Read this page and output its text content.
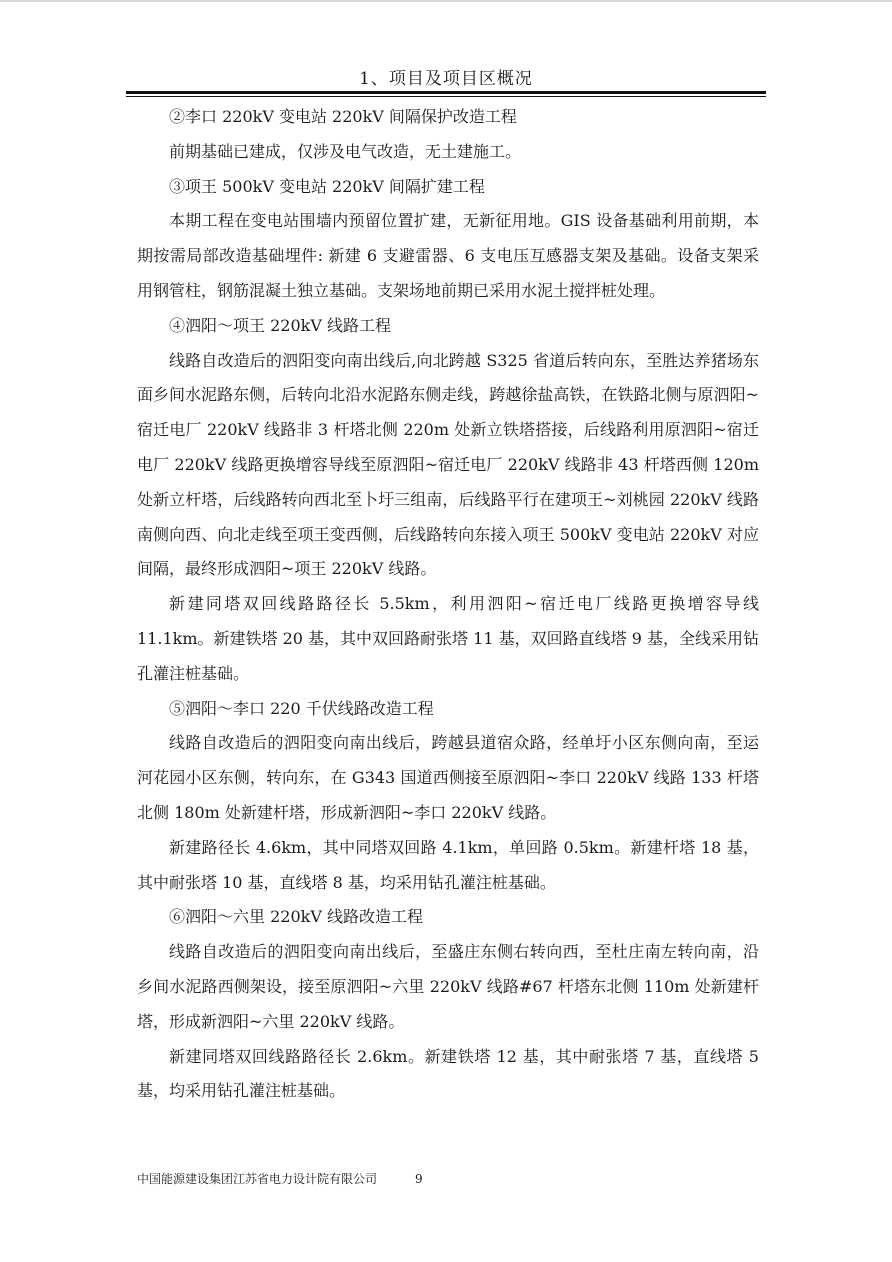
1、项目及项目区概况

②李口 220kV 变电站 220kV 间隔保护改造工程

前期基础已建成，仅涉及电气改造，无土建施工。

③项王 500kV 变电站 220kV 间隔扩建工程

本期工程在变电站围墙内预留位置扩建，无新征用地。GIS 设备基础利用前期，本期按需局部改造基础埋件: 新建 6 支避雷器、6 支电压互感器支架及基础。设备支架采用钢管柱，钢筋混凝土独立基础。支架场地前期已采用水泥土搅拌桩处理。

④泗阳～项王 220kV 线路工程

线路自改造后的泗阳变向南出线后,向北跨越 S325 省道后转向东，至胜达养猪场东面乡间水泥路东侧，后转向北沿水泥路东侧走线，跨越徐盐高铁，在铁路北侧与原泗阳~宿迁电厂 220kV 线路非 3 杆塔北侧 220m 处新立铁塔搭接，后线路利用原泗阳~宿迁电厂 220kV 线路更换增容导线至原泗阳~宿迁电厂 220kV 线路非 43 杆塔西侧 120m 处新立杆塔，后线路转向西北至卜圩三组南，后线路平行在建项王~刘桃园 220kV 线路南侧向西、向北走线至项王变西侧，后线路转向东接入项王 500kV 变电站 220kV 对应间隔，最终形成泗阳~项王 220kV 线路。

新建同塔双回线路路径长 5.5km，利用泗阳~宿迁电厂线路更换增容导线 11.1km。新建铁塔 20 基，其中双回路耐张塔 11 基，双回路直线塔 9 基，全线采用钻孔灌注桩基础。

⑤泗阳～李口 220 千伏线路改造工程

线路自改造后的泗阳变向南出线后，跨越县道宿众路，经单圩小区东侧向南，至运河花园小区东侧，转向东，在 G343 国道西侧接至原泗阳~李口 220kV 线路 133 杆塔北侧 180m 处新建杆塔，形成新泗阳~李口 220kV 线路。

新建路径长 4.6km，其中同塔双回路 4.1km，单回路 0.5km。新建杆塔 18 基，其中耐张塔 10 基，直线塔 8 基，均采用钻孔灌注桩基础。

⑥泗阳～六里 220kV 线路改造工程

线路自改造后的泗阳变向南出线后，至盛庄东侧右转向西，至杜庄南左转向南，沿乡间水泥路西侧架设，接至原泗阳~六里 220kV 线路#67 杆塔东北侧 110m 处新建杆塔，形成新泗阳~六里 220kV 线路。

新建同塔双回线路路径长 2.6km。新建铁塔 12 基，其中耐张塔 7 基，直线塔 5 基，均采用钻孔灌注桩基础。

中国能源建设集团江苏省电力设计院有限公司	9
